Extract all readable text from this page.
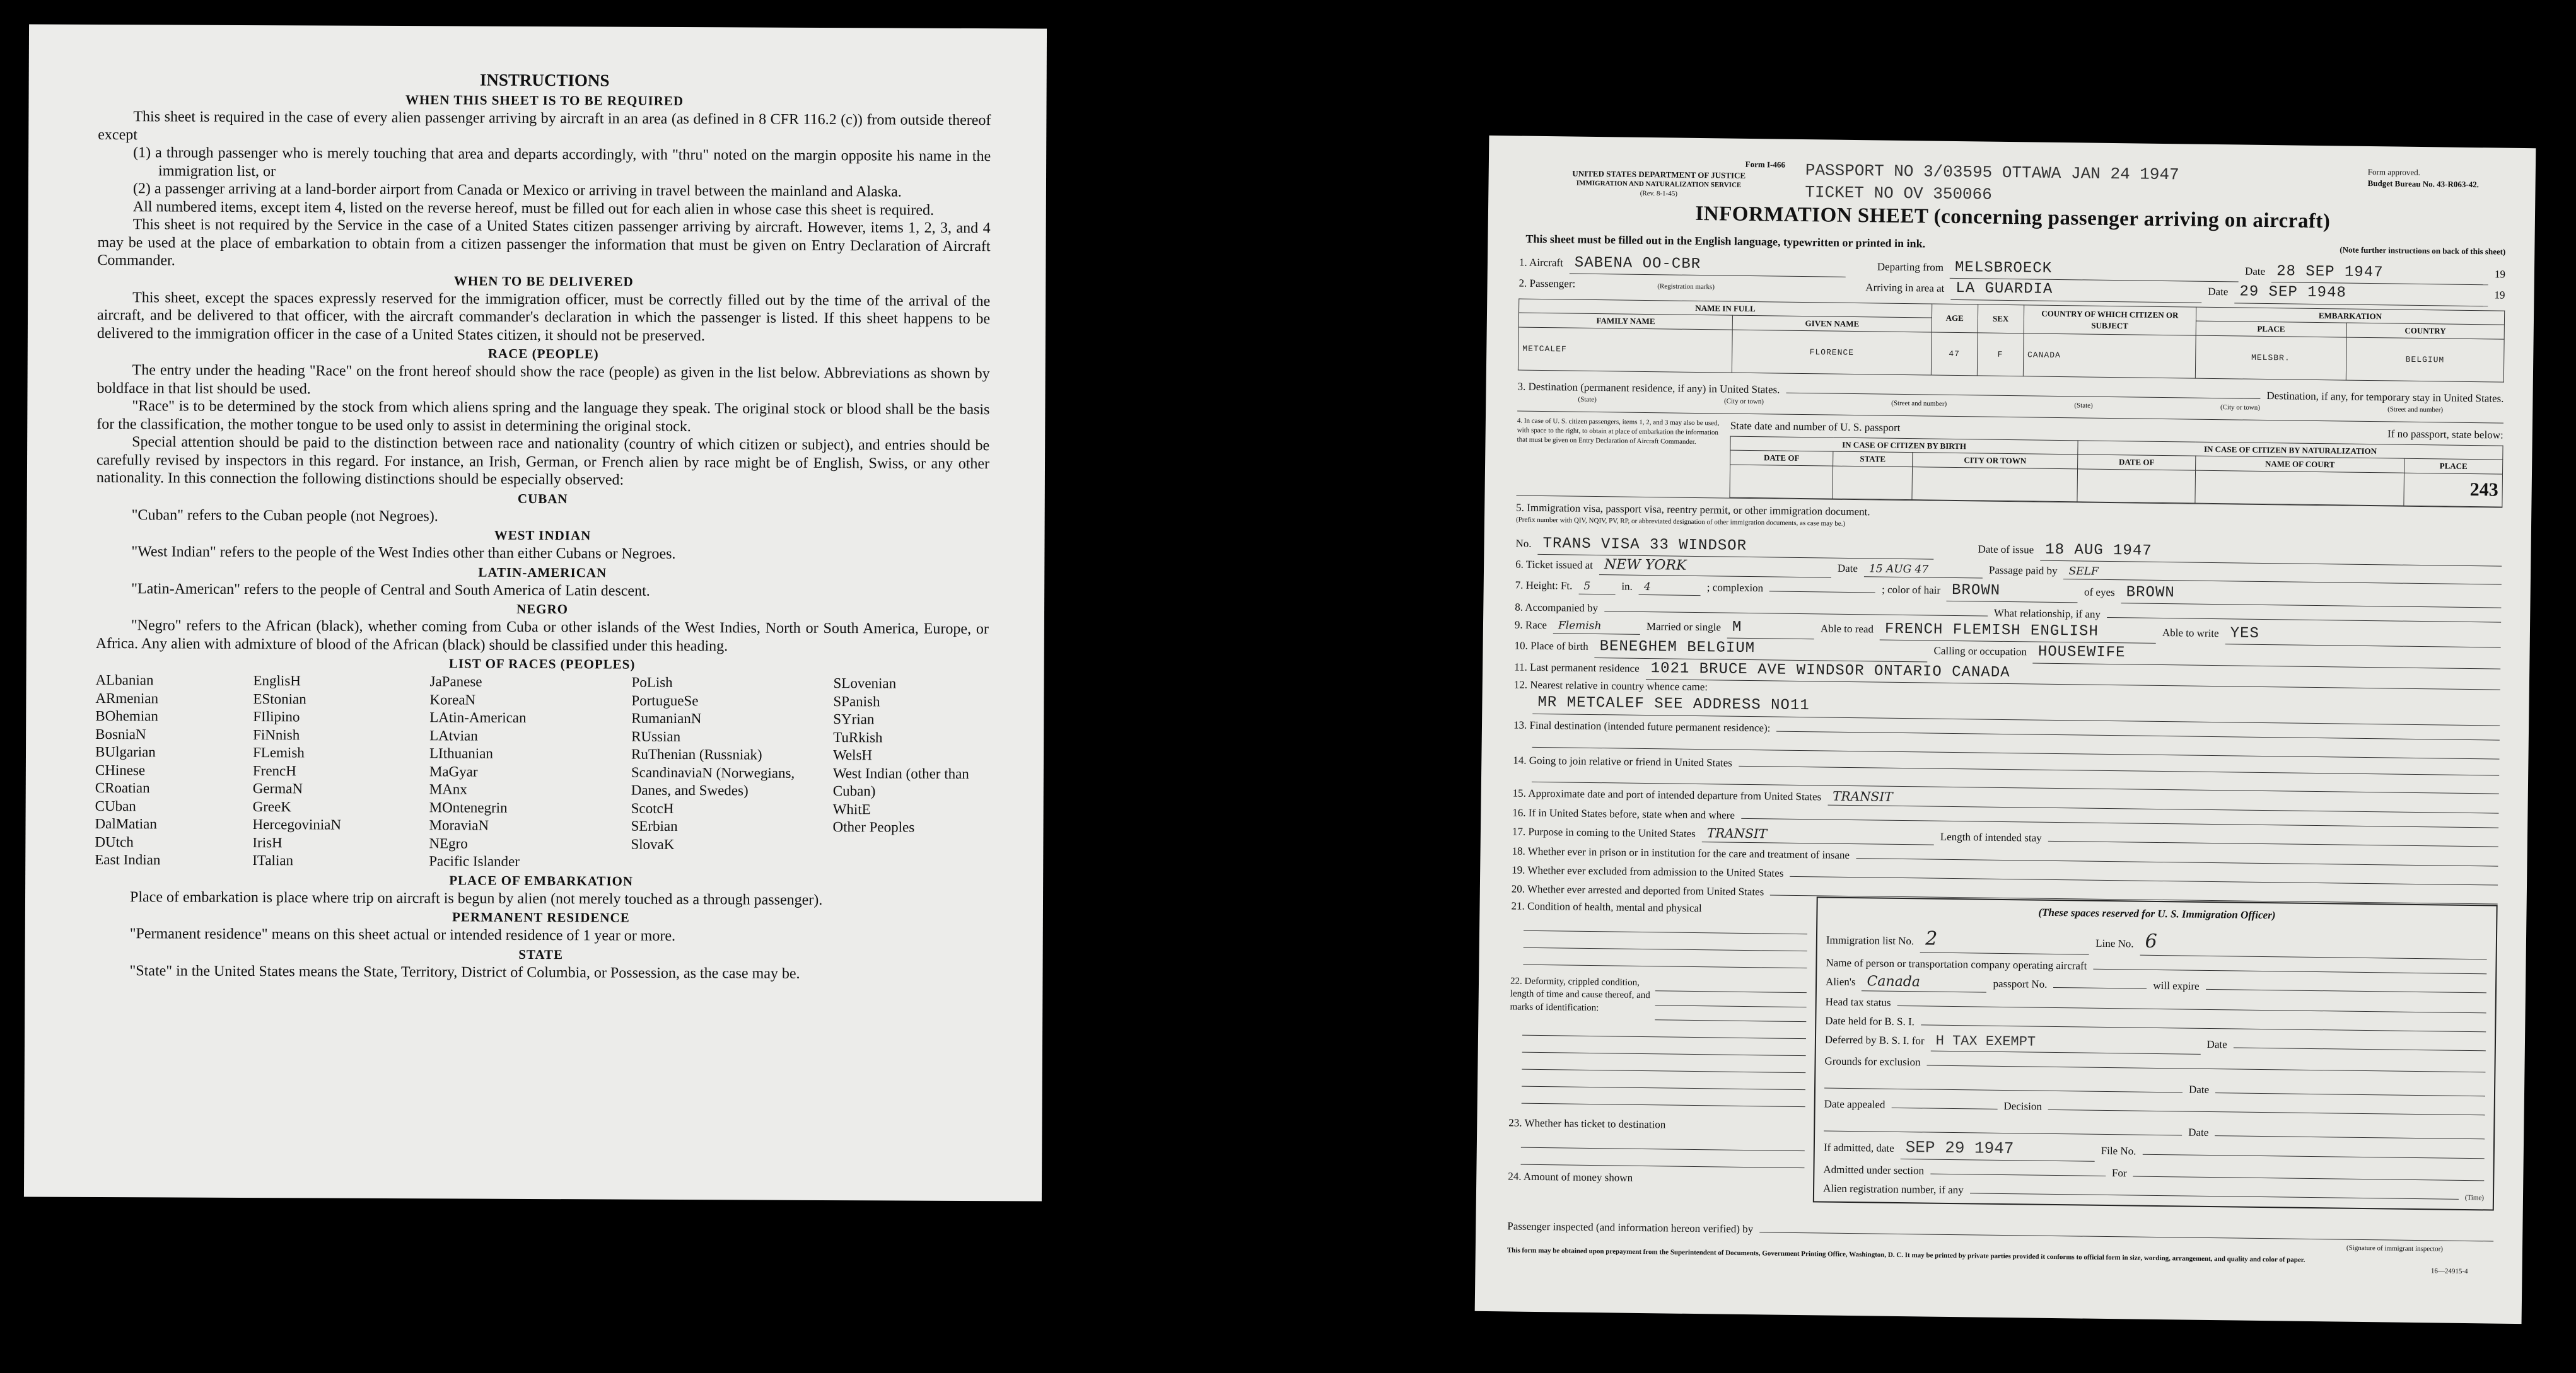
INSTRUCTIONS
WHEN THIS SHEET IS TO BE REQUIRED

This sheet is required in the case of every alien passenger arriving by aircraft in an area (as defined in 8 CFR 116.2 (c)) from outside thereof except

(1) a through passenger who is merely touching that area and departs accordingly, with "thru" noted on the margin opposite his name in the immigration list, or

(2) a passenger arriving at a land-border airport from Canada or Mexico or arriving in travel between the mainland and Alaska.

All numbered items, except item 4, listed on the reverse hereof, must be filled out for each alien in whose case this sheet is required.

This sheet is not required by the Service in the case of a United States citizen passenger arriving by aircraft. However, items 1, 2, 3, and 4 may be used at the place of embarkation to obtain from a citizen passenger the information that must be given on Entry Declaration of Aircraft Commander.

WHEN TO BE DELIVERED

This sheet, except the spaces expressly reserved for the immigration officer, must be correctly filled out by the time of the arrival of the aircraft, and be delivered to that officer, with the aircraft commander's declaration in which the passenger is listed. If this sheet happens to be delivered to the immigration officer in the case of a United States citizen, it should not be preserved.

RACE (PEOPLE)

The entry under the heading "Race" on the front hereof should show the race (people) as given in the list below. Abbreviations as shown by boldface in that list should be used.

"Race" is to be determined by the stock from which aliens spring and the language they speak. The original stock or blood shall be the basis for the classification, the mother tongue to be used only to assist in determining the original stock.

Special attention should be paid to the distinction between race and nationality (country of which citizen or subject), and entries should be carefully revised by inspectors in this regard. For instance, an Irish, German, or French alien by race might be of English, Swiss, or any other nationality. In this connection the following distinctions should be especially observed:

CUBAN

"Cuban" refers to the Cuban people (not Negroes).

WEST INDIAN

"West Indian" refers to the people of the West Indies other than either Cubans or Negroes.

LATIN-AMERICAN

"Latin-American" refers to the people of Central and South America of Latin descent.

NEGRO

"Negro" refers to the African (black), whether coming from Cuba or other islands of the West Indies, North or South America, Europe, or Africa. Any alien with admixture of blood of the African (black) should be classified under this heading.

LIST OF RACES (PEOPLES)
ALbanian
ARmenian
BOhemian
BosniaN
BUlgarian
CHinese
CRoatian
CUban
DalMatian
DUtch
East Indian
EnglisH
EStonian
FIlipino
FiNnish
FLemish
FrencH
GermaN
GreeK
HercegoviniaN
IrisH
ITalian
JaPanese
KoreaN
LAtin-American
LAtvian
LIthuanian
MaGyar
MAnx
MOntenegrin
MoraviaN
NEgro
Pacific Islander
PoLish
PortugueSe
RumanianN
RUssian
RuThenian (Russniak)
ScandinaviaN (Norwegians, Danes, and Swedes)
ScotcH
SErbian
SlovaK
SLovenian
SPanish
SYrian
TuRkish
WelsH
West Indian (other than Cuban)
WhitE
Other Peoples
PLACE OF EMBARKATION

Place of embarkation is place where trip on aircraft is begun by alien (not merely touched as a through passenger).

PERMANENT RESIDENCE

"Permanent residence" means on this sheet actual or intended residence of 1 year or more.

STATE

"State" in the United States means the State, Territory, District of Columbia, or Possession, as the case may be.

Form I-466
UNITED STATES DEPARTMENT OF JUSTICE
IMMIGRATION AND NATURALIZATION SERVICE
(Rev. 8-1-45)
PASSPORT NO 3/03595 OTTAWA JAN 24 1947
TICKET NO OV 350066
Form approved.
Budget Bureau No. 43-R063-42.
INFORMATION SHEET (concerning passenger arriving on aircraft)
This sheet must be filled out in the English language, typewritten or printed in ink.
(Note further instructions on back of this sheet)
1. Aircraft SABENA OO-CBR	Departing from MELSBROECK	Date 28 SEP 1947	19
2. Passenger:	(Registration marks)	Arriving in area at LA GUARDIA	Date 29 SEP 1948	19
NAME IN FULL		AGE	SEX	COUNTRY OF WHICH CITIZEN OR SUBJECT	EMBARKATION	
FAMILY NAME	GIVEN NAME				PLACE	COUNTRY
METCALEF	FLORENCE	47	F	CANADA	MELSBR.	BELGIUM
3. Destination (permanent residence, if any) in United States.
Destination, if any, for temporary stay in United States.
(State)	(City or town)	(Street and number)	(State)	(City or town)	(Street and number)
4. In case of U. S. citizen passengers, items 1, 2, and 3 may also be used, with space to the right, to obtain at place of embarkation the information that must be given on Entry Declaration of Aircraft Commander.
State date and number of U. S. passport
If no passport, state below:
IN CASE OF CITIZEN BY BIRTH			IN CASE OF CITIZEN BY NATURALIZATION		
DATE OF	STATE	CITY OR TOWN	DATE OF	NAME OF COURT	PLACE
					243
5. Immigration visa, passport visa, reentry permit, or other immigration document.
(Prefix number with QIV, NQIV, PV, RP, or abbreviated designation of other immigration documents, as case may be.)
No. TRANS VISA 33 WINDSOR	Date of issue 18 AUG 1947
6. Ticket issued at NEW YORK	Date	15 AUG 47	Passage paid by	SELF
7. Height: Ft.	5	in.	4	; complexion	; color of hair BROWN	of eyes BROWN
8. Accompanied by	What relationship, if any
9. Race	Flemish	Married or single M	Able to read FRENCH FLEMISH ENGLISH	Able to write YES
10. Place of birth BENEGHEM BELGIUM	Calling or occupation HOUSEWIFE
11. Last permanent residence 1021 BRUCE AVE WINDSOR ONTARIO CANADA
12. Nearest relative in country whence came:
MR METCALEF SEE ADDRESS NO11
13. Final destination (intended future permanent residence):
14. Going to join relative or friend in United States
15. Approximate date and port of intended departure from United States TRANSIT
16. If in United States before, state when and where
17. Purpose in coming to the United States TRANSIT	Length of intended stay
18. Whether ever in prison or in institution for the care and treatment of insane
19. Whether ever excluded from admission to the United States
20. Whether ever arrested and deported from United States
21. Condition of health, mental and physical
22. Deformity, crippled condition, length of time and cause thereof, and marks of identification:
23. Whether has ticket to destination
24. Amount of money shown
(These spaces reserved for U. S. Immigration Officer)
Immigration list No. 2	Line No. 6
Name of person or transportation company operating aircraft
Alien's Canada	passport No.	will expire
Head tax status
Date held for B. S. I.
Deferred by B. S. I. for H TAX EXEMPT	Date
Grounds for exclusion
Date
Date appealed	Decision
Date
If admitted, date SEP 29 1947	File No.
Admitted under section	For
Alien registration number, if any
(Time)
Passenger inspected (and information hereon verified) by
(Signature of immigrant inspector)
This form may be obtained upon prepayment from the Superintendent of Documents, Government Printing Office, Washington, D. C. It may be printed by private parties provided it conforms to official form in size, wording, arrangement, and quality and color of paper.
16—24915-4
